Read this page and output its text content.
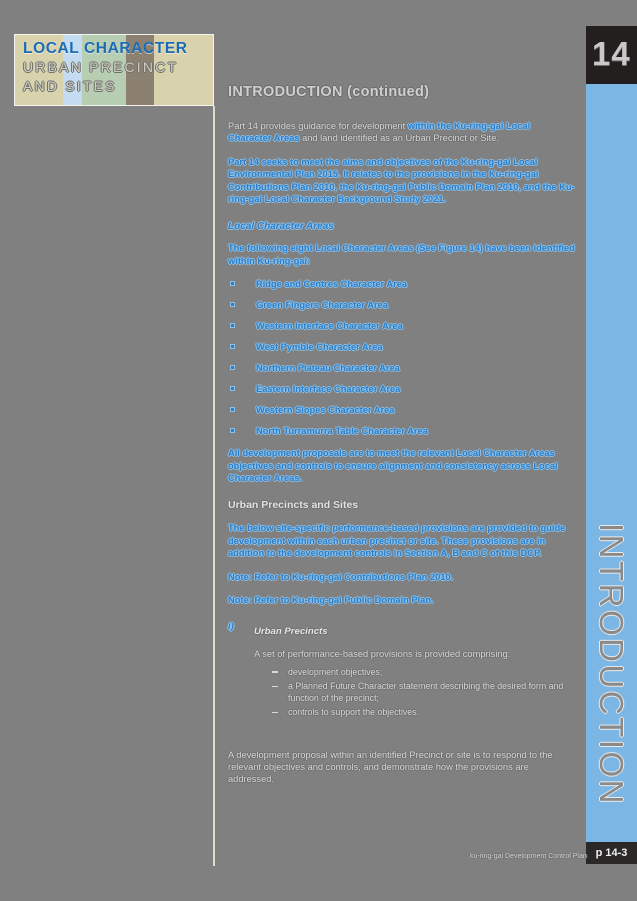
LOCAL CHARACTER
URBAN PRECINCT
AND SITES
14
INTRODUCTION
p 14-3
INTRODUCTION (continued)

Part 14 provides guidance for development within the Ku-ring-gai Local Character Areas and land identified as an Urban Precinct or Site.

Part 14 seeks to meet the aims and objectives of the Ku-ring-gai Local Environmental Plan 2015. It relates to the provisions in the Ku-ring-gai Contributions Plan 2010, the Ku-ring-gai Public Domain Plan 2010, and the Ku-ring-gai Local Character Background Study 2021.

Local Character Areas

The following eight Local Character Areas (See Figure 14) have been identified within Ku-ring-gai:

Ridge and Centres Character Area
Green Fingers Character Area
Western Interface Character Area
West Pymble Character Area
Northern Plateau Character Area
Eastern Interface Character Area
Western Slopes Character Area
North Turramurra Table Character Area

All development proposals are to meet the relevant Local Character Areas objectives and controls to ensure alignment and consistency across Local Character Areas.

Urban Precincts and Sites

The below site-specific performance-based provisions are provided to guide development within each urban precinct or site. These provisions are in addition to the development controls in Section A, B and C of this DCP.

Note: Refer to Ku-ring-gai Contributions Plan 2010.

Note: Refer to Ku-ring-gai Public Domain Plan.

i) Urban Precincts

A set of performance-based provisions is provided comprising:

development objectives;
a Planned Future Character statement describing the desired form and function of the precinct;
controls to support the objectives.

A development proposal within an identified Precinct or site is to respond to the relevant objectives and controls, and demonstrate how the provisions are addressed.

ku-ring-gai Development Control Plan
